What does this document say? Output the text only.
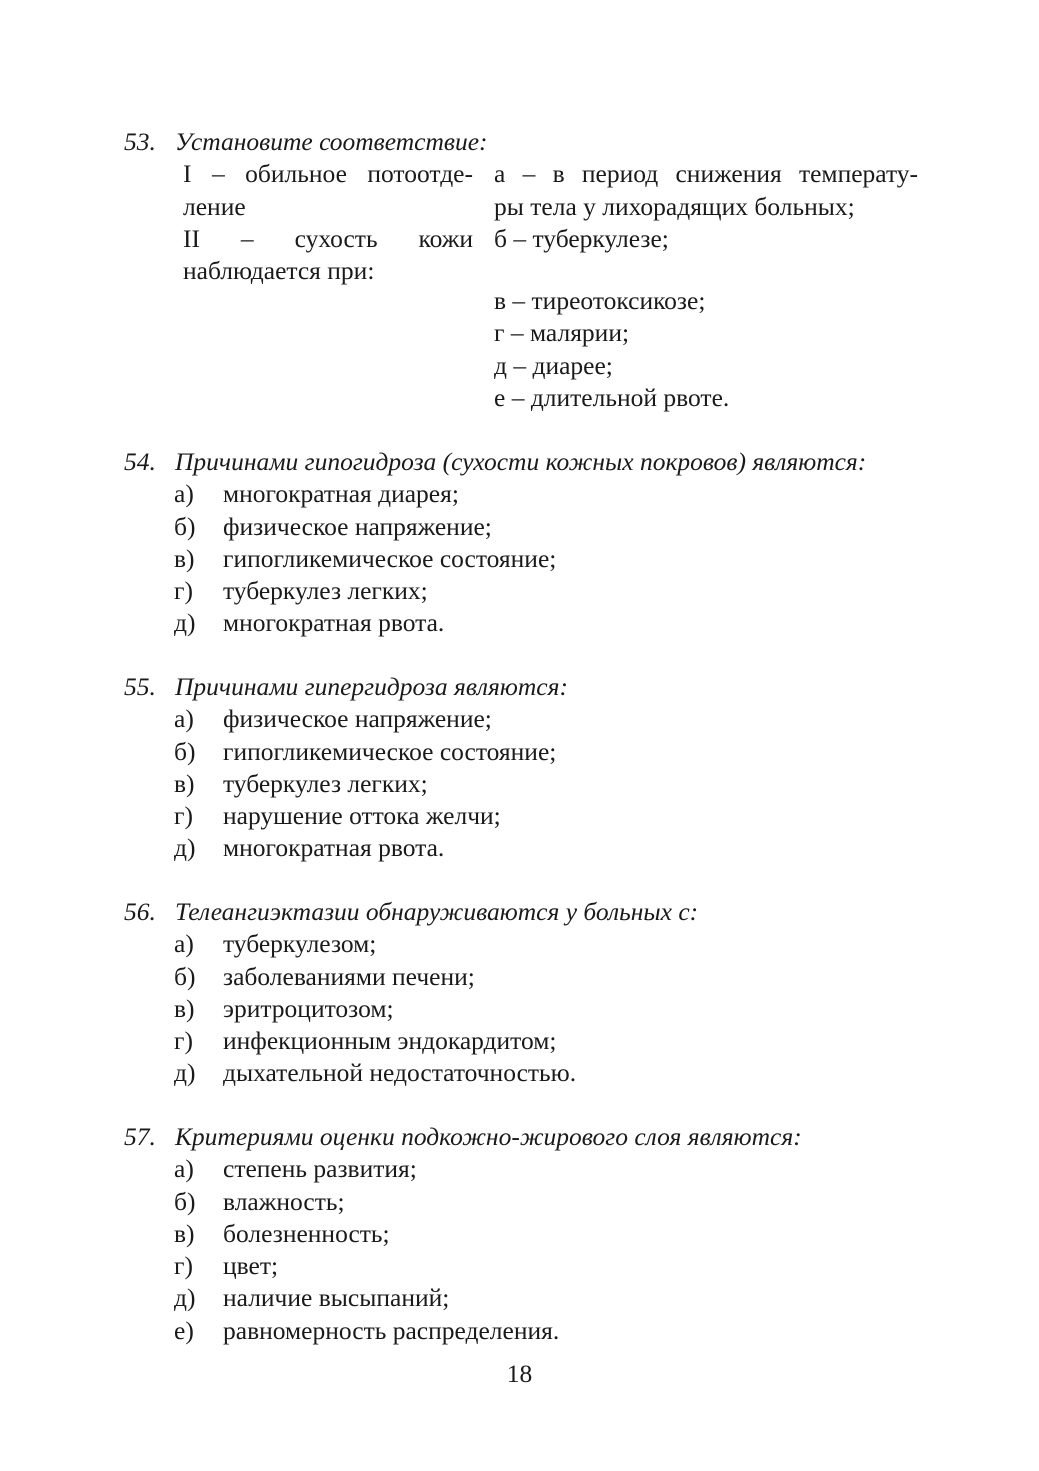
53. Установите соответствие:
I – обильное потоотде-
ление
II – сухость кожи
наблюдается при:
а – в период снижения температу-
ры тела у лихорадящих больных;
б – туберкулезе;
в – тиреотоксикозе;
г – малярии;
д – диарее;
е – длительной рвоте.
54. Причинами гипогидроза (сухости кожных покровов) являются:
а) многократная диарея;
б) физическое напряжение;
в) гипогликемическое состояние;
г) туберкулез легких;
д) многократная рвота.
55. Причинами гипергидроза являются:
а) физическое напряжение;
б) гипогликемическое состояние;
в) туберкулез легких;
г) нарушение оттока желчи;
д) многократная рвота.
56. Телеангиэктазии обнаруживаются у больных с:
а) туберкулезом;
б) заболеваниями печени;
в) эритроцитозом;
г) инфекционным эндокардитом;
д) дыхательной недостаточностью.
57. Критериями оценки подкожно-жирового слоя являются:
а) степень развития;
б) влажность;
в) болезненность;
г) цвет;
д) наличие высыпаний;
е) равномерность распределения.
18
